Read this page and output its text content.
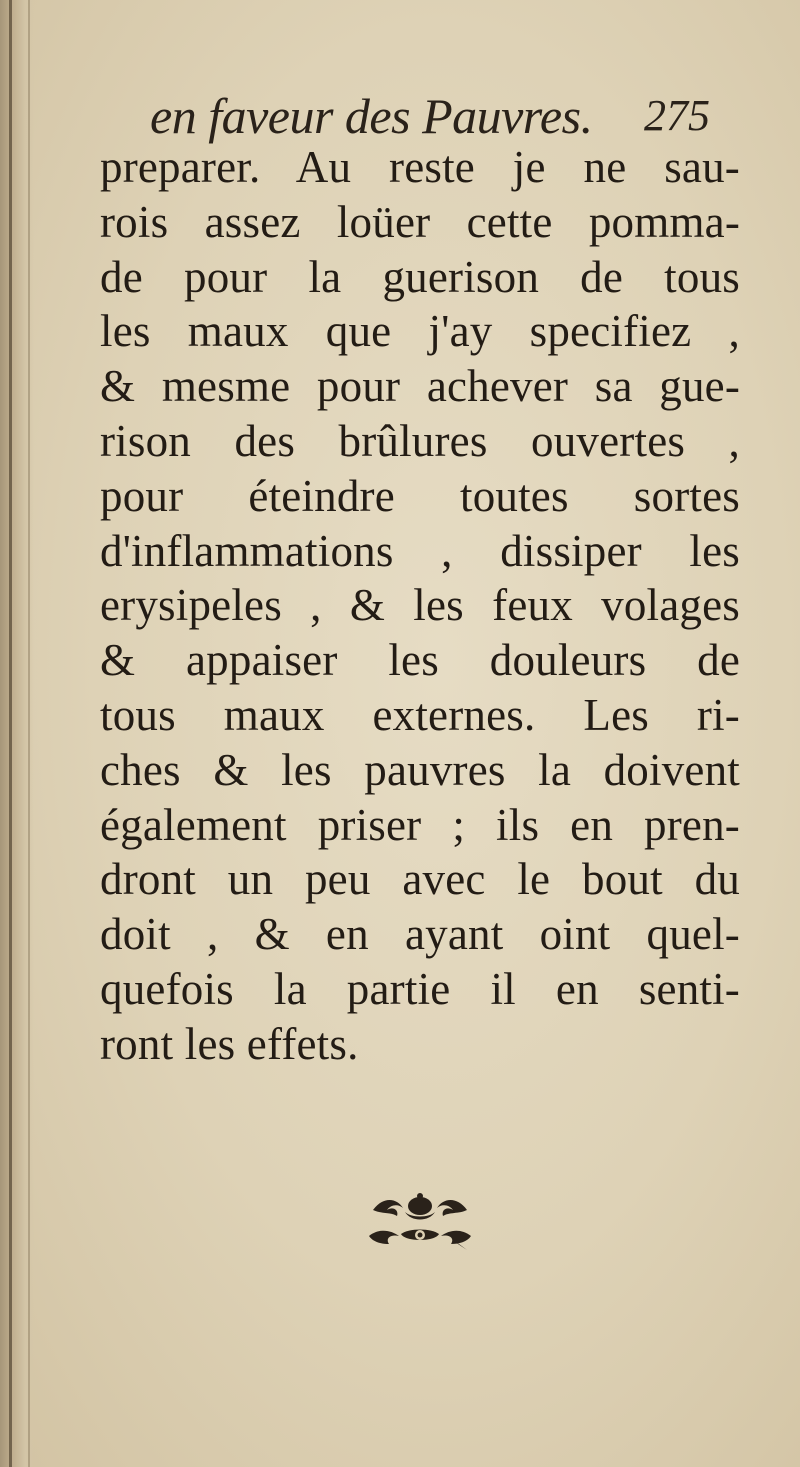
en faveur des Pauvres. 275
preparer. Au reste je ne sau-
rois assez loüer cette pomma-
de pour la guerison de tous
les maux que j'ay specifiez ,
& mesme pour achever sa gue-
rison des brûlures ouvertes ,
pour éteindre toutes sortes
d'inflammations , dissiper les
erysipeles , & les feux volages
& appaiser les douleurs de
tous maux externes. Les ri-
ches & les pauvres la doivent
également priser ; ils en pren-
dront un peu avec le bout du
doit , & en ayant oint quel-
quefois la partie il en senti-
ront les effets.
